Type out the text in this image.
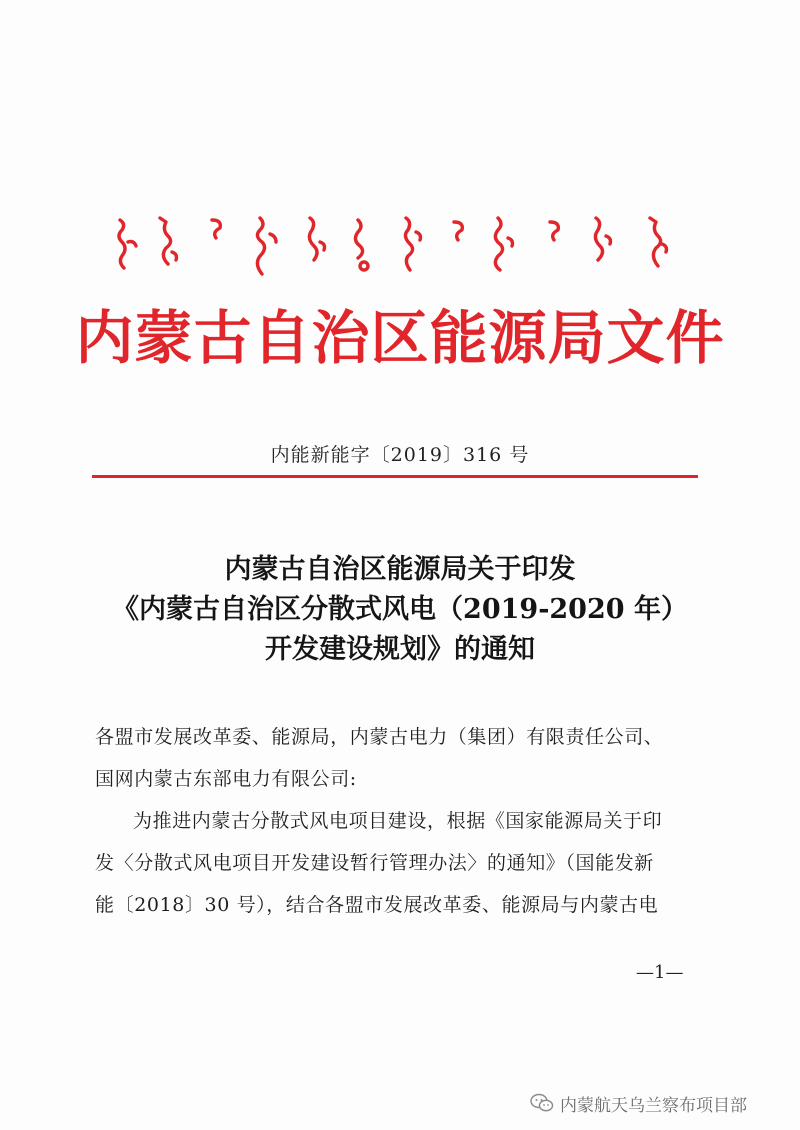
内蒙古自治区能源局文件
内能新能字〔2019〕316 号
内蒙古自治区能源局关于印发
《内蒙古自治区分散式风电（2019-2020 年）
开发建设规划》的通知

各盟市发展改革委、能源局，内蒙古电力（集团）有限责任公司、

国网内蒙古东部电力有限公司:

为推进内蒙古分散式风电项目建设，根据《国家能源局关于印

发〈分散式风电项目开发建设暂行管理办法〉的通知》（国能发新

能〔2018〕30 号），结合各盟市发展改革委、能源局与内蒙古电

—1—
内蒙航天乌兰察布项目部
